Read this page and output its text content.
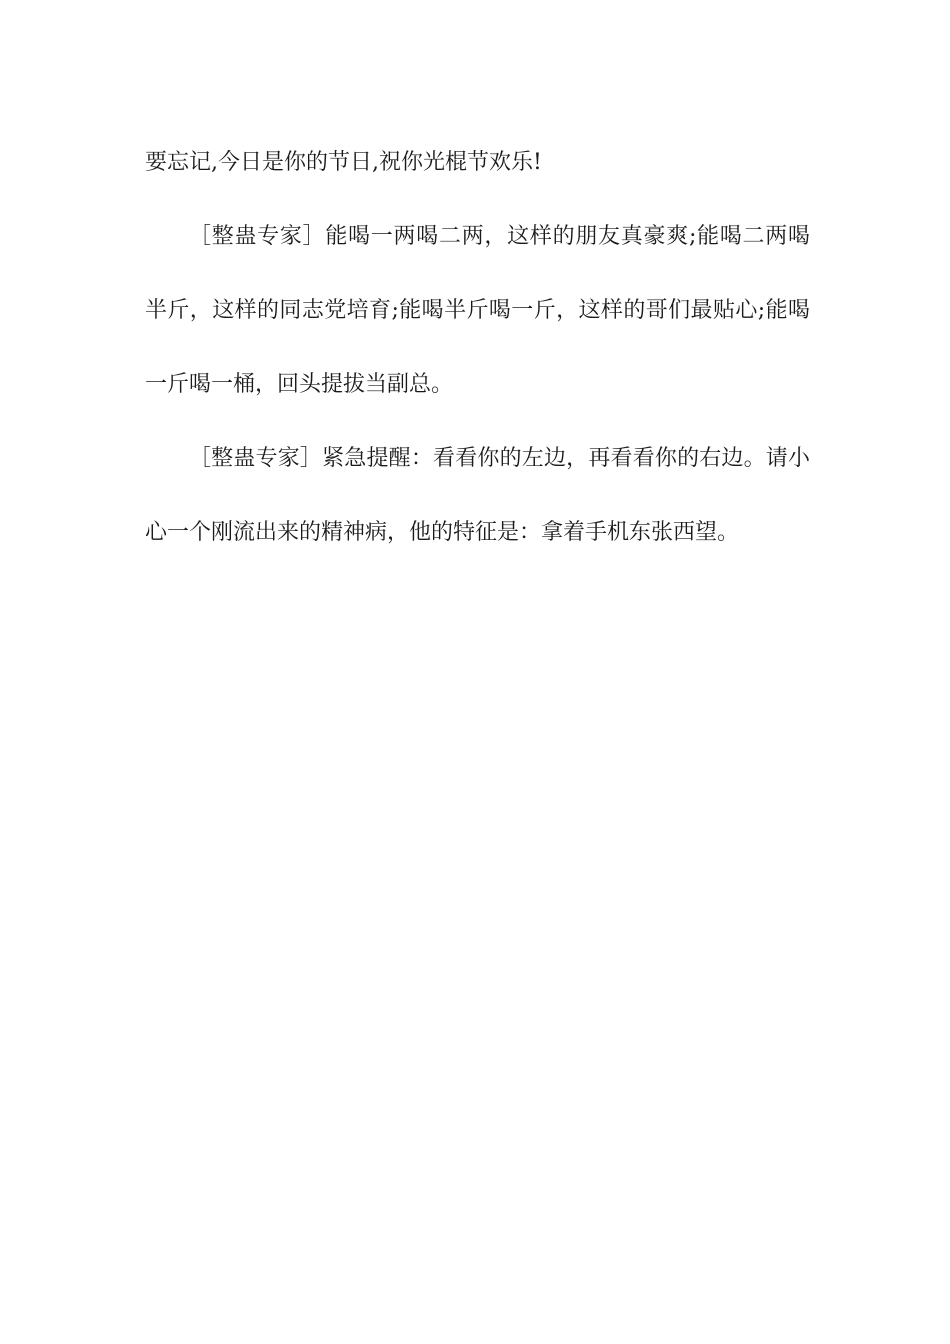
要忘记,今日是你的节日,祝你光棍节欢乐!

［整蛊专家］能喝一两喝二两，这样的朋友真豪爽;能喝二两喝半斤，这样的同志党培育;能喝半斤喝一斤，这样的哥们最贴心;能喝一斤喝一桶，回头提拔当副总。

［整蛊专家］紧急提醒：看看你的左边，再看看你的右边。请小心一个刚流出来的精神病，他的特征是：拿着手机东张西望。
